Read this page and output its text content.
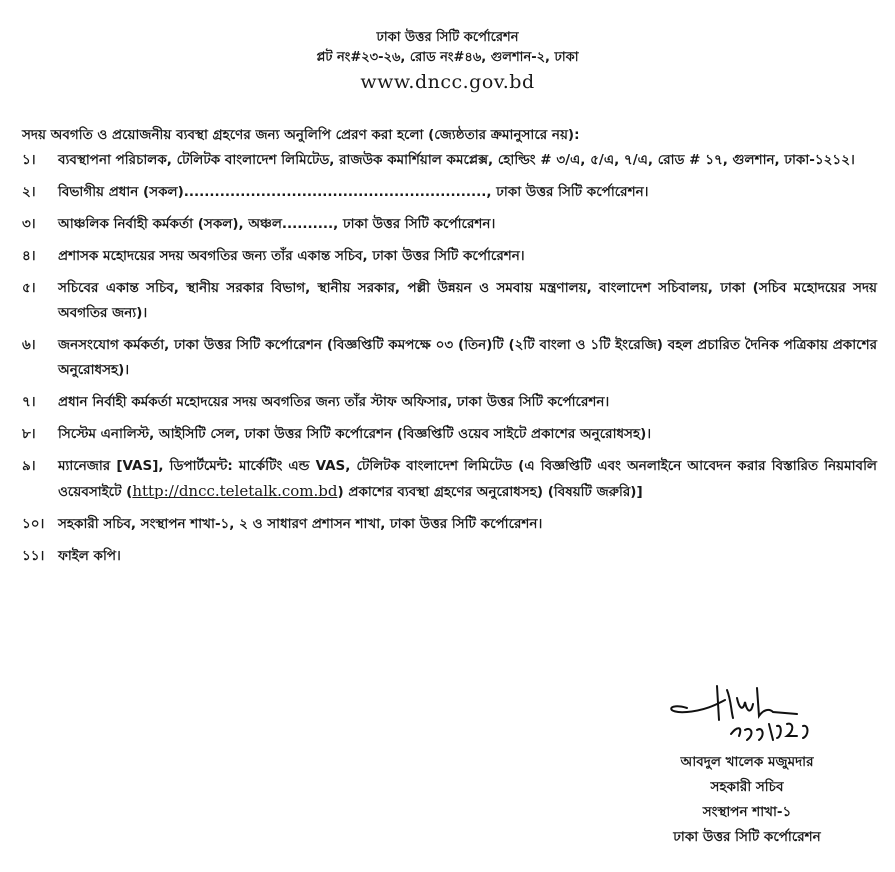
ঢাকা উত্তর সিটি কর্পোরেশন
প্লট নং#২৩-২৬, রোড নং#৪৬, গুলশান-২, ঢাকা
www.dncc.gov.bd
সদয় অবগতি ও প্রয়োজনীয় ব্যবস্থা গ্রহণের জন্য অনুলিপি প্রেরণ করা হলো (জ্যেষ্ঠতার ক্রমানুসারে নয়):
১।	ব্যবস্থাপনা পরিচালক, টেলিটক বাংলাদেশ লিমিটেড, রাজউক কমার্শিয়াল কমপ্লেক্স, হোল্ডিং # ৩/এ, ৫/এ, ৭/এ, রোড # ১৭, গুলশান, ঢাকা-১২১২।
২।	বিভাগীয় প্রধান (সকল)..........................................................., ঢাকা উত্তর সিটি কর্পোরেশন।
৩।	আঞ্চলিক নির্বাহী কর্মকর্তা (সকল), অঞ্চল.........., ঢাকা উত্তর সিটি কর্পোরেশন।
৪।	প্রশাসক মহোদয়ের সদয় অবগতির জন্য তাঁর একান্ত সচিব, ঢাকা উত্তর সিটি কর্পোরেশন।
৫।	সচিবের একান্ত সচিব, স্থানীয় সরকার বিভাগ, স্থানীয় সরকার, পল্লী উন্নয়ন ও সমবায় মন্ত্রণালয়, বাংলাদেশ সচিবালয়, ঢাকা (সচিব মহোদয়ের সদয় অবগতির জন্য)।
৬।	জনসংযোগ কর্মকর্তা, ঢাকা উত্তর সিটি কর্পোরেশন (বিজ্ঞপ্তিটি কমপক্ষে ০৩ (তিন)টি (২টি বাংলা ও ১টি ইংরেজি) বহল প্রচারিত দৈনিক পত্রিকায় প্রকাশের অনুরোধসহ)।
৭।	প্রধান নির্বাহী কর্মকর্তা মহোদয়ের সদয় অবগতির জন্য তাঁর স্টাফ অফিসার, ঢাকা উত্তর সিটি কর্পোরেশন।
৮।	সিস্টেম এনালিস্ট, আইসিটি সেল, ঢাকা উত্তর সিটি কর্পোরেশন (বিজ্ঞপ্তিটি ওয়েব সাইটে প্রকাশের অনুরোধসহ)।
৯।	ম্যানেজার [VAS], ডিপার্টমেন্ট: মার্কেটিং এন্ড VAS, টেলিটক বাংলাদেশ লিমিটেড (এ বিজ্ঞপ্তিটি এবং অনলাইনে আবেদন করার বিস্তারিত নিয়মাবলি ওয়েবসাইটে (http://dncc.teletalk.com.bd) প্রকাশের ব্যবস্থা গ্রহণের অনুরোধসহ) (বিষয়টি জরুরি)]
১০।	সহকারী সচিব, সংস্থাপন শাখা-১, ২ ও সাধারণ প্রশাসন শাখা, ঢাকা উত্তর সিটি কর্পোরেশন।
১১।	ফাইল কপি।
আবদুল খালেক মজুমদার
সহকারী সচিব
সংস্থাপন শাখা-১
ঢাকা উত্তর সিটি কর্পোরেশন
